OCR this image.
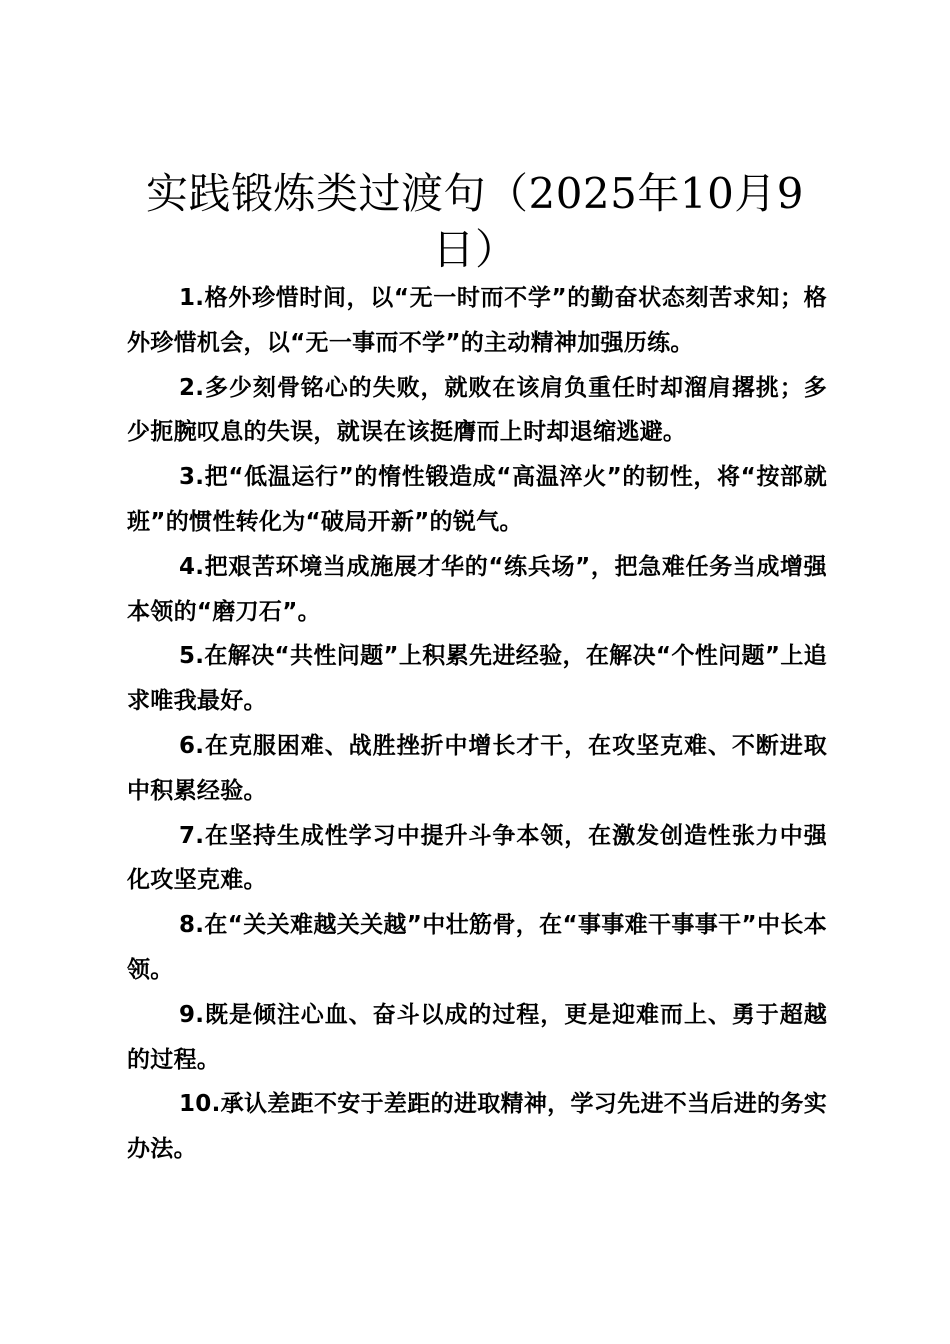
实践锻炼类过渡句（2025年10月9日）

1.格外珍惜时间，以“无一时而不学”的勤奋状态刻苦求知；格外珍惜机会，以“无一事而不学”的主动精神加强历练。

2.多少刻骨铭心的失败，就败在该肩负重任时却溜肩撂挑；多少扼腕叹息的失误，就误在该挺膺而上时却退缩逃避。

3.把“低温运行”的惰性锻造成“高温淬火”的韧性，将“按部就班”的惯性转化为“破局开新”的锐气。

4.把艰苦环境当成施展才华的“练兵场”，把急难任务当成增强本领的“磨刀石”。

5.在解决“共性问题”上积累先进经验，在解决“个性问题”上追求唯我最好。

6.在克服困难、战胜挫折中增长才干，在攻坚克难、不断进取中积累经验。

7.在坚持生成性学习中提升斗争本领，在激发创造性张力中强化攻坚克难。

8.在“关关难越关关越”中壮筋骨，在“事事难干事事干”中长本领。

9.既是倾注心血、奋斗以成的过程，更是迎难而上、勇于超越的过程。

10.承认差距不安于差距的进取精神，学习先进不当后进的务实办法。
